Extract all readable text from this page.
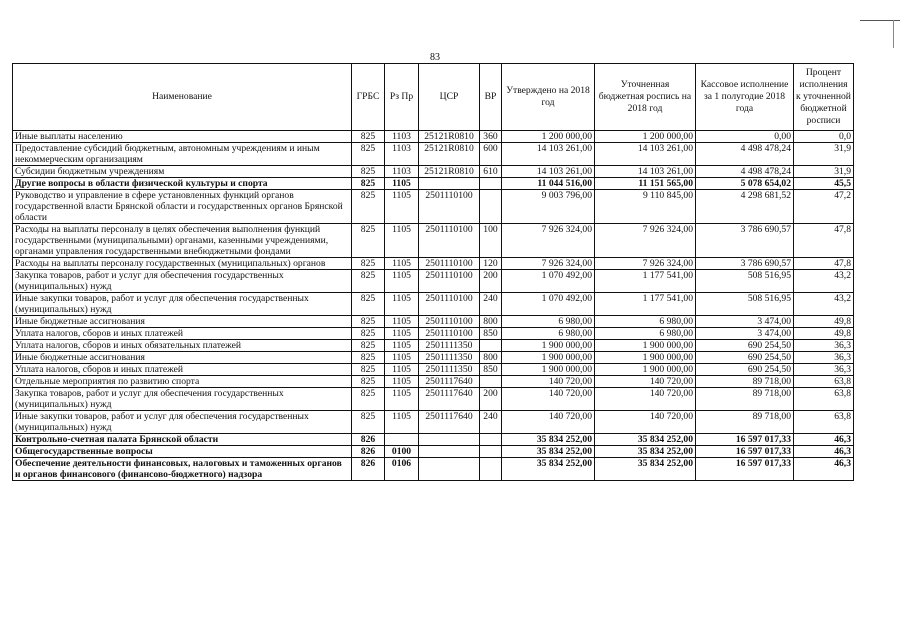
83
Наименование	ГРБС	Рз Пр	ЦСР	ВР	Утверждено на 2018 год	Уточненная бюджетная роспись на 2018 год	Кассовое исполнение за 1 полугодие 2018 года	Процент исполнения к уточненной бюджетной росписи
Иные выплаты населению	825	1103	25121R0810	360	1 200 000,00	1 200 000,00	0,00	0,0
Предоставление субсидий бюджетным, автономным учреждениям и иным некоммерческим организациям	825	1103	25121R0810	600	14 103 261,00	14 103 261,00	4 498 478,24	31,9
Субсидии бюджетным учреждениям	825	1103	25121R0810	610	14 103 261,00	14 103 261,00	4 498 478,24	31,9
Другие вопросы в области физической культуры и спорта	825	1105			11 044 516,00	11 151 565,00	5 078 654,02	45,5
Руководство и управление в сфере установленных функций органов государственной власти Брянской области и государственных органов Брянской области	825	1105	2501110100		9 003 796,00	9 110 845,00	4 298 681,52	47,2
Расходы на выплаты персоналу в целях обеспечения выполнения функций государственными (муниципальными) органами, казенными учреждениями, органами управления государственными внебюджетными фондами	825	1105	2501110100	100	7 926 324,00	7 926 324,00	3 786 690,57	47,8
Расходы на выплаты персоналу государственных (муниципальных) органов	825	1105	2501110100	120	7 926 324,00	7 926 324,00	3 786 690,57	47,8
Закупка товаров, работ и услуг для обеспечения государственных (муниципальных) нужд	825	1105	2501110100	200	1 070 492,00	1 177 541,00	508 516,95	43,2
Иные закупки товаров, работ и услуг для обеспечения государственных (муниципальных) нужд	825	1105	2501110100	240	1 070 492,00	1 177 541,00	508 516,95	43,2
Иные бюджетные ассигнования	825	1105	2501110100	800	6 980,00	6 980,00	3 474,00	49,8
Уплата налогов, сборов и иных платежей	825	1105	2501110100	850	6 980,00	6 980,00	3 474,00	49,8
Уплата налогов, сборов и иных обязательных платежей	825	1105	2501111350		1 900 000,00	1 900 000,00	690 254,50	36,3
Иные бюджетные ассигнования	825	1105	2501111350	800	1 900 000,00	1 900 000,00	690 254,50	36,3
Уплата налогов, сборов и иных платежей	825	1105	2501111350	850	1 900 000,00	1 900 000,00	690 254,50	36,3
Отдельные мероприятия по развитию спорта	825	1105	2501117640		140 720,00	140 720,00	89 718,00	63,8
Закупка товаров, работ и услуг для обеспечения государственных (муниципальных) нужд	825	1105	2501117640	200	140 720,00	140 720,00	89 718,00	63,8
Иные закупки товаров, работ и услуг для обеспечения государственных (муниципальных) нужд	825	1105	2501117640	240	140 720,00	140 720,00	89 718,00	63,8
Контрольно-счетная палата Брянской области	826				35 834 252,00	35 834 252,00	16 597 017,33	46,3
Общегосударственные вопросы	826	0100			35 834 252,00	35 834 252,00	16 597 017,33	46,3
Обеспечение деятельности финансовых, налоговых и таможенных органов и органов финансового (финансово-бюджетного) надзора	826	0106			35 834 252,00	35 834 252,00	16 597 017,33	46,3
